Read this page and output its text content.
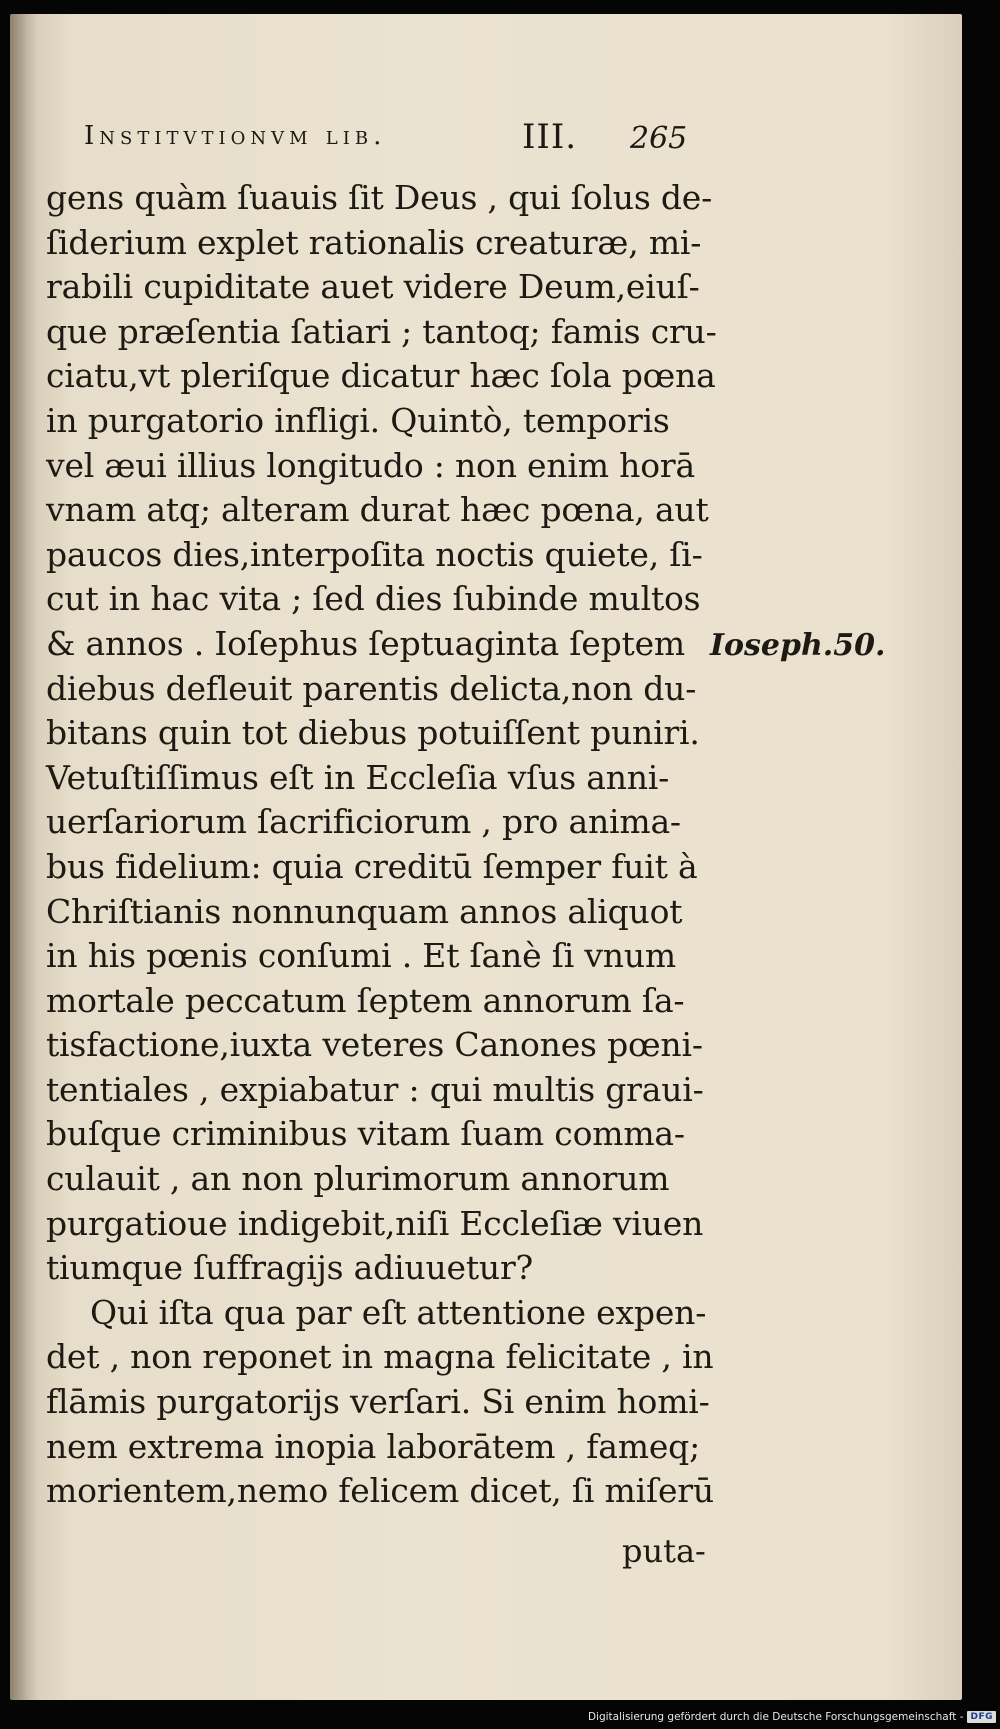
Institvtionvm lib.	III. 265
gens quàm ſuauis ſit Deus , qui ſolus de-
ſiderium explet rationalis creaturæ, mi-
rabili cupiditate auet videre Deum,eiuſ-
que præſentia ſatiari ; tantoq; famis cru-
ciatu,vt pleriſque dicatur hæc ſola pœna
in purgatorio infligi. Quintò, temporis
vel æui illius longitudo : non enim horā
vnam atq; alteram durat hæc pœna, aut
paucos dies,interpoſita noctis quiete, ſi-
cut in hac vita ; ſed dies ſubinde multos
& annos . Ioſephus ſeptuaginta ſeptem
diebus defleuit parentis delicta,non du-
bitans quin tot diebus potuiſſent puniri.
Vetuſtiſſimus eſt in Eccleſia vſus anni-
uerſariorum ſacrificiorum , pro anima-
bus fidelium: quia creditū ſemper fuit à
Chriſtianis nonnunquam annos aliquot
in his pœnis conſumi . Et ſanè ſi vnum
mortale peccatum ſeptem annorum ſa-
tisfactione,iuxta veteres Canones pœni-
tentiales , expiabatur : qui multis graui-
buſque criminibus vitam ſuam comma-
culauit , an non plurimorum annorum
purgatioue indigebit,niſi Eccleſiæ viuen
tiumque ſuffragijs adiuuetur?
Qui iſta qua par eſt attentione expen-
det , non reponet in magna felicitate , in
flāmis purgatorijs verſari. Si enim homi-
nem extrema inopia laborātem , fameq;
morientem,nemo felicem dicet, ſi miſerū
Ioseph.50.
puta-
Digitalisierung gefördert durch die Deutsche Forschungsgemeinschaft - DFG
